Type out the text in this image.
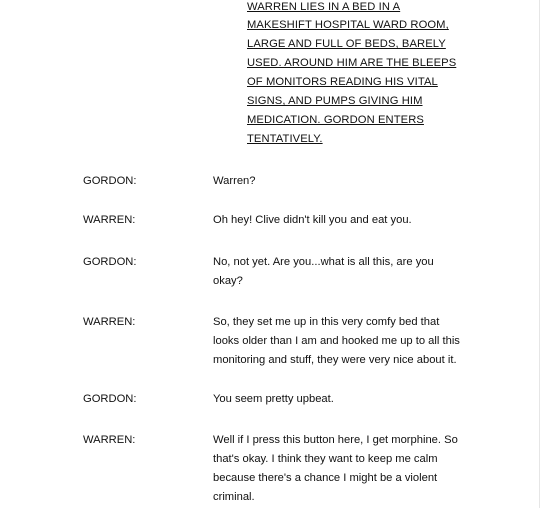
WARREN LIES IN A BED IN A
MAKESHIFT HOSPITAL WARD ROOM,
LARGE AND FULL OF BEDS, BARELY
USED. AROUND HIM ARE THE BLEEPS
OF MONITORS READING HIS VITAL
SIGNS, AND PUMPS GIVING HIM
MEDICATION. GORDON ENTERS
TENTATIVELY.
GORDON:	Warren?
WARREN:	Oh hey! Clive didn't kill you and eat you.
GORDON:	No, not yet. Are you...what is all this, are you
okay?
WARREN:	So, they set me up in this very comfy bed that
looks older than I am and hooked me up to all this
monitoring and stuff, they were very nice about it.
GORDON:	You seem pretty upbeat.
WARREN:	Well if I press this button here, I get morphine. So
that's okay. I think they want to keep me calm
because there's a chance I might be a violent
criminal.
